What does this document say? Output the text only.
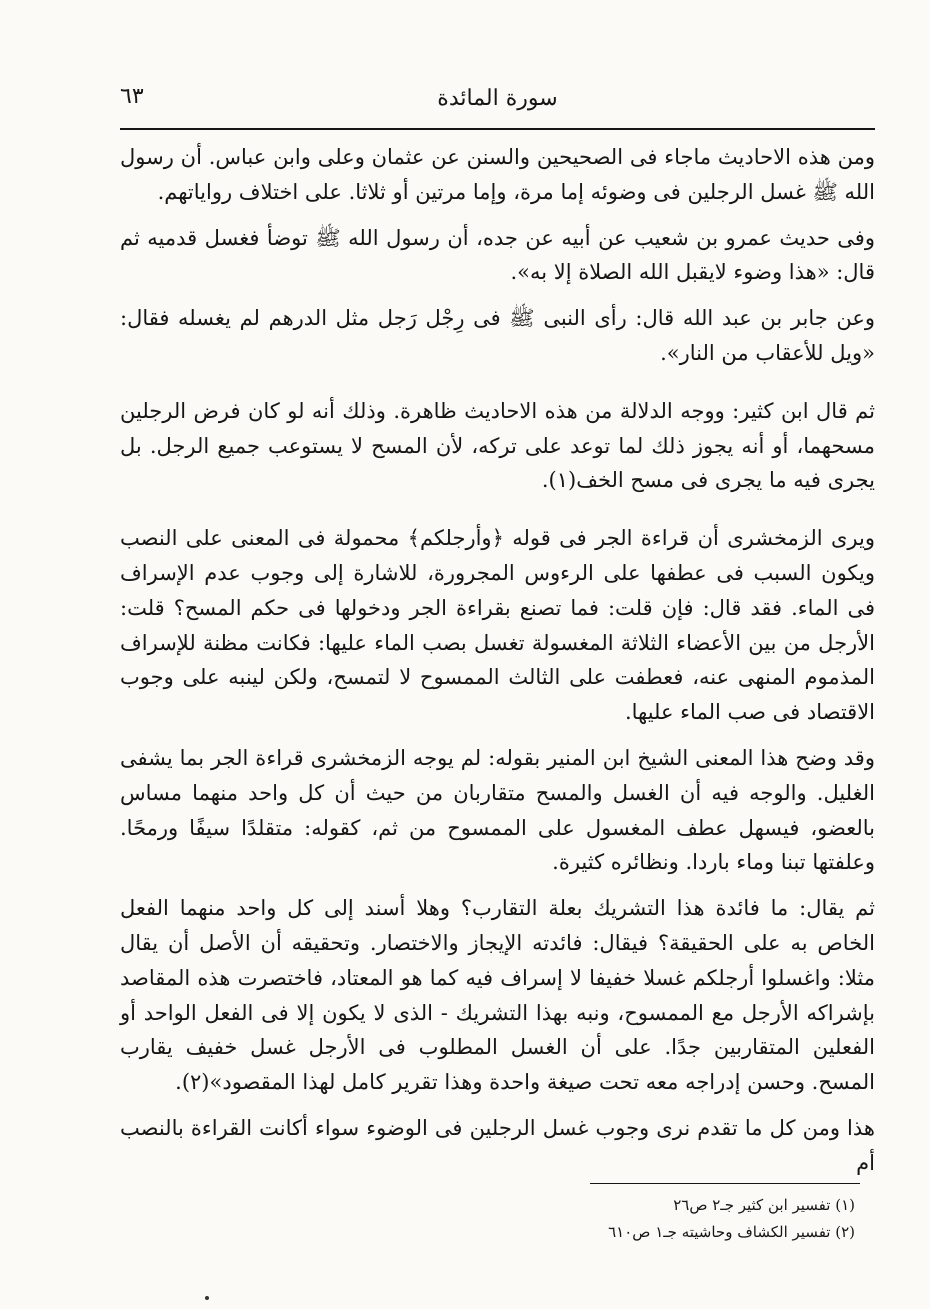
٦٣	سورة المائدة

ومن هذه الاحاديث ماجاء فى الصحيحين والسنن عن عثمان وعلى وابن عباس. أن رسول الله ﷺ غسل الرجلين فى وضوئه إما مرة، وإما مرتين أو ثلاثا. على اختلاف رواياتهم.

وفى حديث عمرو بن شعيب عن أبيه عن جده، أن رسول الله ﷺ توضأ فغسل قدميه ثم قال: «هذا وضوء لايقبل الله الصلاة إلا به».

وعن جابر بن عبد الله قال: رأى النبى ﷺ فى رِجْل رَجل مثل الدرهم لم يغسله فقال: «ويل للأعقاب من النار».

ثم قال ابن كثير: ووجه الدلالة من هذه الاحاديث ظاهرة. وذلك أنه لو كان فرض الرجلين مسحهما، أو أنه يجوز ذلك لما توعد على تركه، لأن المسح لا يستوعب جميع الرجل. بل يجرى فيه ما يجرى فى مسح الخف(١).

ويرى الزمخشرى أن قراءة الجر فى قوله ﴿وأرجلكم﴾ محمولة فى المعنى على النصب ويكون السبب فى عطفها على الرءوس المجرورة، للاشارة إلى وجوب عدم الإسراف فى الماء. فقد قال: فإن قلت: فما تصنع بقراءة الجر ودخولها فى حكم المسح؟ قلت: الأرجل من بين الأعضاء الثلاثة المغسولة تغسل بصب الماء عليها: فكانت مظنة للإسراف المذموم المنهى عنه، فعطفت على الثالث الممسوح لا لتمسح، ولكن لينبه على وجوب الاقتصاد فى صب الماء عليها.

وقد وضح هذا المعنى الشيخ ابن المنير بقوله: لم يوجه الزمخشرى قراءة الجر بما يشفى الغليل. والوجه فيه أن الغسل والمسح متقاربان من حيث أن كل واحد منهما مساس بالعضو، فيسهل عطف المغسول على الممسوح من ثم، كقوله: متقلدًا سيفًا ورمحًا. وعلفتها تبنا وماء باردا. ونظائره كثيرة.

ثم يقال: ما فائدة هذا التشريك بعلة التقارب؟ وهلا أسند إلى كل واحد منهما الفعل الخاص به على الحقيقة؟ فيقال: فائدته الإيجاز والاختصار. وتحقيقه أن الأصل أن يقال مثلا: واغسلوا أرجلكم غسلا خفيفا لا إسراف فيه كما هو المعتاد، فاختصرت هذه المقاصد بإشراكه الأرجل مع الممسوح، ونبه بهذا التشريك - الذى لا يكون إلا فى الفعل الواحد أو الفعلين المتقاربين جدًا. على أن الغسل المطلوب فى الأرجل غسل خفيف يقارب المسح. وحسن إدراجه معه تحت صيغة واحدة وهذا تقرير كامل لهذا المقصود»(٢).

هذا ومن كل ما تقدم نرى وجوب غسل الرجلين فى الوضوء سواء أكانت القراءة بالنصب أم

(١) تفسير ابن كثير جـ٢ ص٢٦
(٢) تفسير الكشاف وحاشيته جـ١ ص٦١٠
